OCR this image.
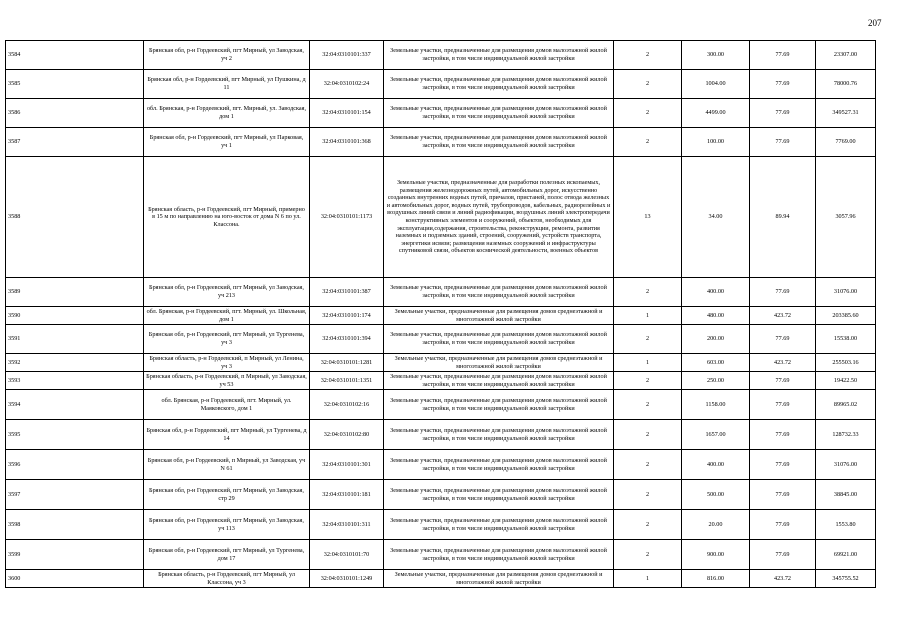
207
3584	Брянская обл, р-н Гордеевский, пгт Мирный, ул Заводская, уч 2	32:04:0310101:337	Земельные участки, предназначенные для размещения домов малоэтажной жилой застройки, в том числе индивидуальной жилой застройки	2	300.00	77.69	23307.00
3585	Брянская обл, р-н Гордеевский, пгт Мирный, ул Пушкина, д 11	32:04:0310102:24	Земельные участки, предназначенные для размещения домов малоэтажной жилой застройки, в том числе индивидуальной жилой застройки	2	1004.00	77.69	78000.76
3586	обл. Брянская, р-н Гордеевский, пгт. Мирный, ул. Заводская, дом 1	32:04:0310101:154	Земельные участки, предназначенные для размещения домов малоэтажной жилой застройки, в том числе индивидуальной жилой застройки	2	4499.00	77.69	349527.31
3587	Брянская обл, р-н Гордеевский, пгт Мирный, ул Парковая, уч 1	32:04:0310101:368	Земельные участки, предназначенные для размещения домов малоэтажной жилой застройки, в том числе индивидуальной жилой застройки	2	100.00	77.69	7769.00
3588	Брянская область, р-н Гордеевский, пгт Мирный, примерно в 15 м по направлению на юго-восток от дома N 6 по ул. Классона.	32:04:0310101:1173	Земельные участки, предназначенные для разработки полезных ископаемых, размещения железнодорожных путей, автомобильных дорог, искусственно созданных внутренних водных путей, причалов, пристаней, полос отвода железных и автомобильных дорог, водных путей, трубопроводов, кабельных, радиорелейных и воздушных линий связи и линий радиофикации, воздушных линий электропередачи конструктивных элементов и сооружений, объектов, необходимых для эксплуатации,содержания, строительства, реконструкции, ремонта, развития наземных и подземных зданий, строений, сооружений, устройств транспорта, энергетики исвязи; размещения наземных сооружений и инфраструктуры спутниковой связи, объектов космической деятельности, военных объектов	13	34.00	89.94	3057.96
3589	Брянская обл, р-н Гордеевский, пгт Мирный, ул Заводская, уч 213	32:04:0310101:387	Земельные участки, предназначенные для размещения домов малоэтажной жилой застройки, в том числе индивидуальной жилой застройки	2	400.00	77.69	31076.00
3590	обл. Брянская, р-н Гордеевский, пгт. Мирный, ул. Школьная, дом 1	32:04:0310101:174	Земельные участки, предназначенные для размещения домов среднеэтажной и многоэтажной жилой застройки	1	480.00	423.72	203385.60
3591	Брянская обл, р-н Гордеевский, пгт Мирный, ул Тургенева, уч 3	32:04:0310101:394	Земельные участки, предназначенные для размещения домов малоэтажной жилой застройки, в том числе индивидуальной жилой застройки	2	200.00	77.69	15538.00
3592	Брянская область, р-н Гордеевский, п Мирный, ул Ленина, уч 3	32:04:0310101:1281	Земельные участки, предназначенные для размещения домов среднеэтажной и многоэтажной жилой застройки	1	603.00	423.72	255503.16
3593	Брянская область, р-н Гордеевский, п Мирный, ул Заводская, уч 53	32:04:0310101:1351	Земельные участки, предназначенные для размещения домов малоэтажной жилой застройки, в том числе индивидуальной жилой застройки	2	250.00	77.69	19422.50
3594	обл. Брянская, р-н Гордеевский, пгт. Мирный, ул. Маяковского, дом 1	32:04:0310102:16	Земельные участки, предназначенные для размещения домов малоэтажной жилой застройки, в том числе индивидуальной жилой застройки	2	1158.00	77.69	89965.02
3595	Брянская обл, р-н Гордеевский, пгт Мирный, ул Тургенева, д 14	32:04:0310102:80	Земельные участки, предназначенные для размещения домов малоэтажной жилой застройки, в том числе индивидуальной жилой застройки	2	1657.00	77.69	128732.33
3596	Брянская обл, р-н Гордеевский, п Мирный, ул Заводская, уч N 61	32:04:0310101:301	Земельные участки, предназначенные для размещения домов малоэтажной жилой застройки, в том числе индивидуальной жилой застройки	2	400.00	77.69	31076.00
3597	Брянская обл, р-н Гордеевский, пгт Мирный, ул Заводская, стр 29	32:04:0310101:181	Земельные участки, предназначенные для размещения домов малоэтажной жилой застройки, в том числе индивидуальной жилой застройки	2	500.00	77.69	38845.00
3598	Брянская обл, р-н Гордеевский, пгт Мирный, ул Заводская, уч 113	32:04:0310101:311	Земельные участки, предназначенные для размещения домов малоэтажной жилой застройки, в том числе индивидуальной жилой застройки	2	20.00	77.69	1553.80
3599	Брянская обл, р-н Гордеевский, пгт Мирный, ул Тургенева, дом 17	32:04:0310101:70	Земельные участки, предназначенные для размещения домов малоэтажной жилой застройки, в том числе индивидуальной жилой застройки	2	900.00	77.69	69921.00
3600	Брянская область, р-н Гордеевский, пгт Мирный, ул Классона, уч 3	32:04:0310101:1249	Земельные участки, предназначенные для размещения домов среднеэтажной и многоэтажной жилой застройки	1	816.00	423.72	345755.52
